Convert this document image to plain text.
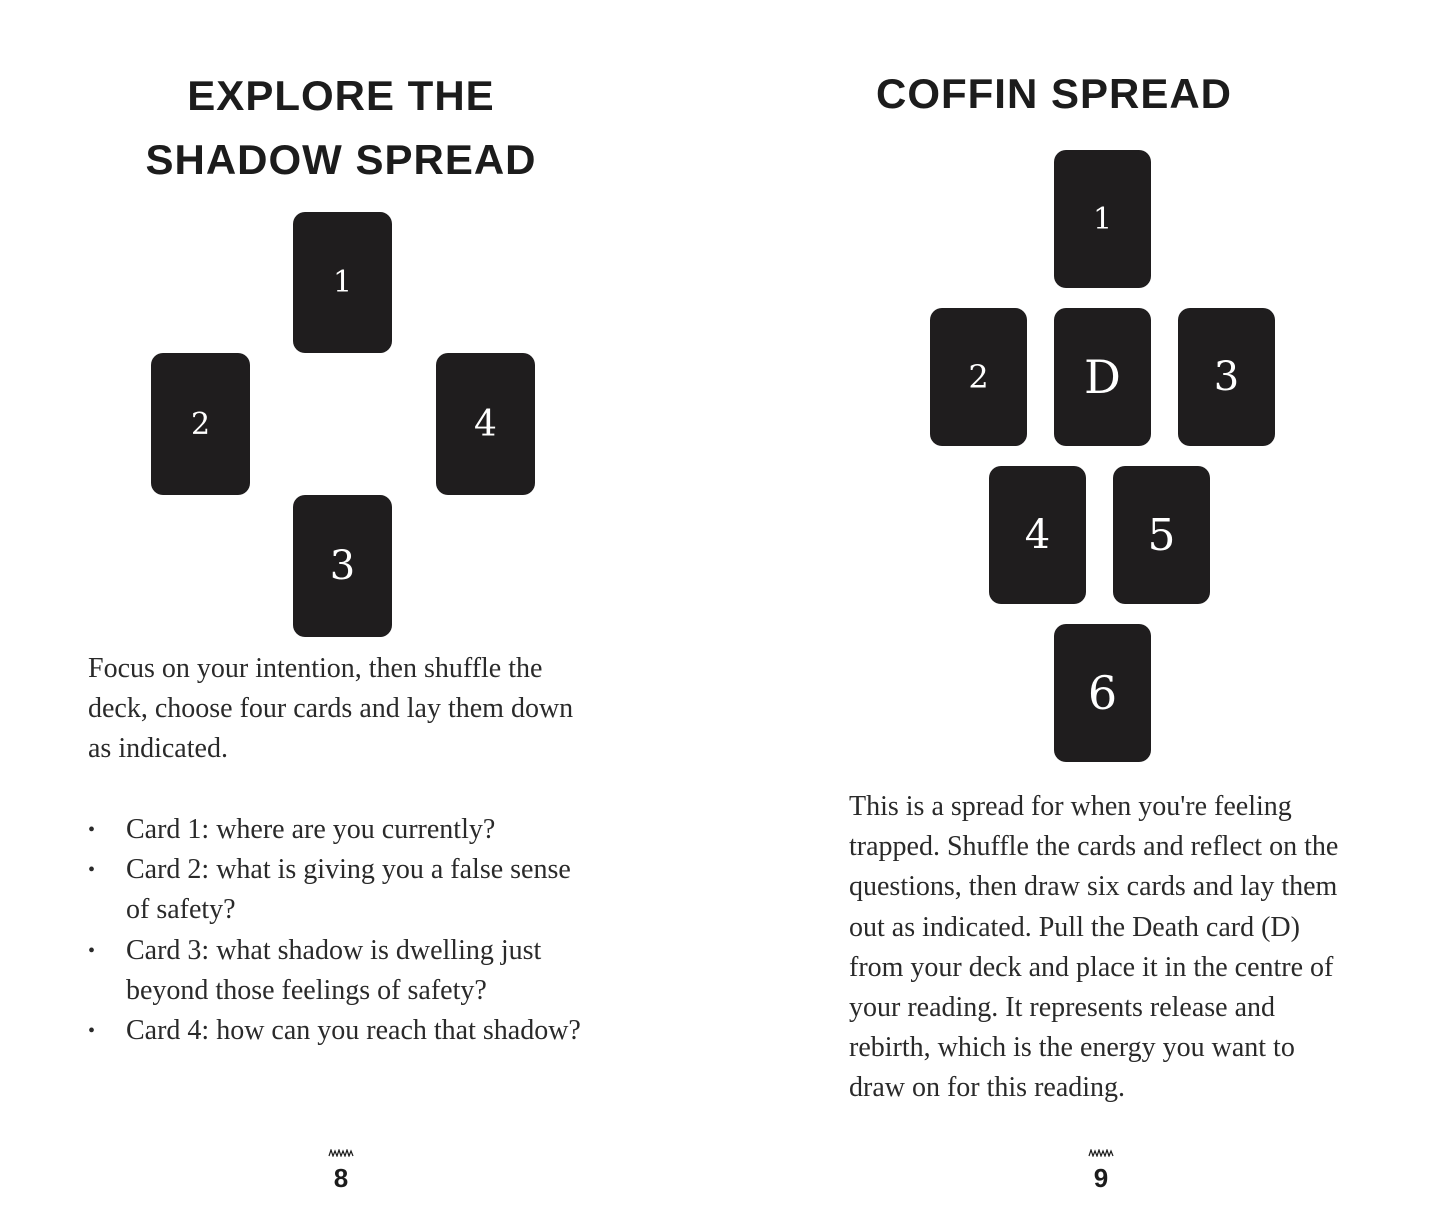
EXPLORE THE
SHADOW SPREAD
1
2	4
3

Focus on your intention, then shuffle the deck, choose four cards and lay them down as indicated.

• Card 1: where are you currently?
• Card 2: what is giving you a false sense of safety?
• Card 3: what shadow is dwelling just beyond those feelings of safety?
• Card 4: how can you reach that shadow?
8
COFFIN SPREAD
1
2 D 3
4 5
6

This is a spread for when you're feeling trapped. Shuffle the cards and reflect on the questions, then draw six cards and lay them out as indicated. Pull the Death card (D) from your deck and place it in the centre of your reading. It represents release and rebirth, which is the energy you want to draw on for this reading.

9
